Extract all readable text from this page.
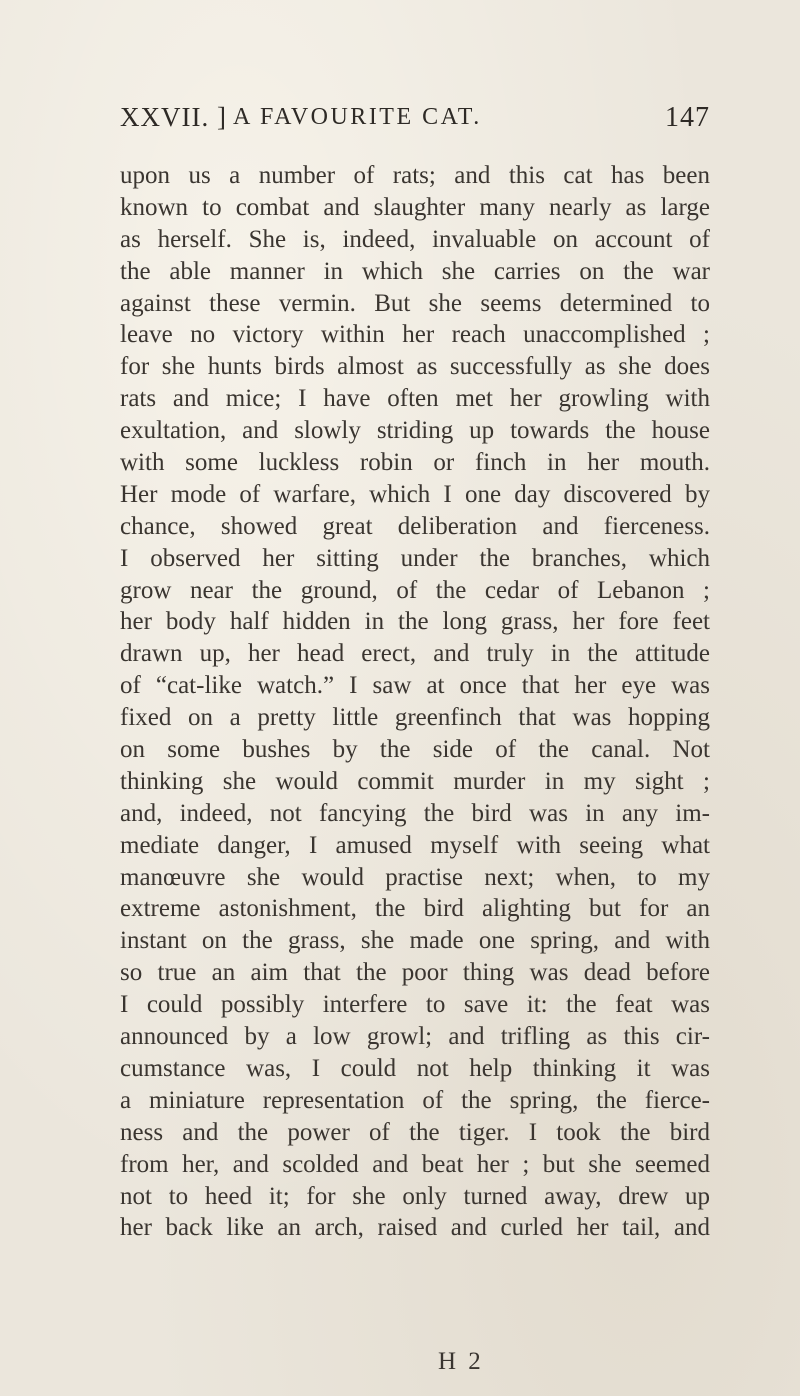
XXVII. ] A FAVOURITE CAT.	147
upon us a number of rats; and this cat has been
known to combat and slaughter many nearly as large
as herself. She is, indeed, invaluable on account of
the able manner in which she carries on the war
against these vermin. But she seems determined to
leave no victory within her reach unaccomplished ;
for she hunts birds almost as successfully as she does
rats and mice; I have often met her growling with
exultation, and slowly striding up towards the house
with some luckless robin or finch in her mouth.
Her mode of warfare, which I one day discovered by
chance, showed great deliberation and fierceness.
I observed her sitting under the branches, which
grow near the ground, of the cedar of Lebanon ;
her body half hidden in the long grass, her fore feet
drawn up, her head erect, and truly in the attitude
of “cat-like watch.” I saw at once that her eye was
fixed on a pretty little greenfinch that was hopping
on some bushes by the side of the canal. Not
thinking she would commit murder in my sight ;
and, indeed, not fancying the bird was in any im-
mediate danger, I amused myself with seeing what
manœuvre she would practise next; when, to my
extreme astonishment, the bird alighting but for an
instant on the grass, she made one spring, and with
so true an aim that the poor thing was dead before
I could possibly interfere to save it: the feat was
announced by a low growl; and trifling as this cir-
cumstance was, I could not help thinking it was
a miniature representation of the spring, the fierce-
ness and the power of the tiger. I took the bird
from her, and scolded and beat her ; but she seemed
not to heed it; for she only turned away, drew up
her back like an arch, raised and curled her tail, and
H 2
